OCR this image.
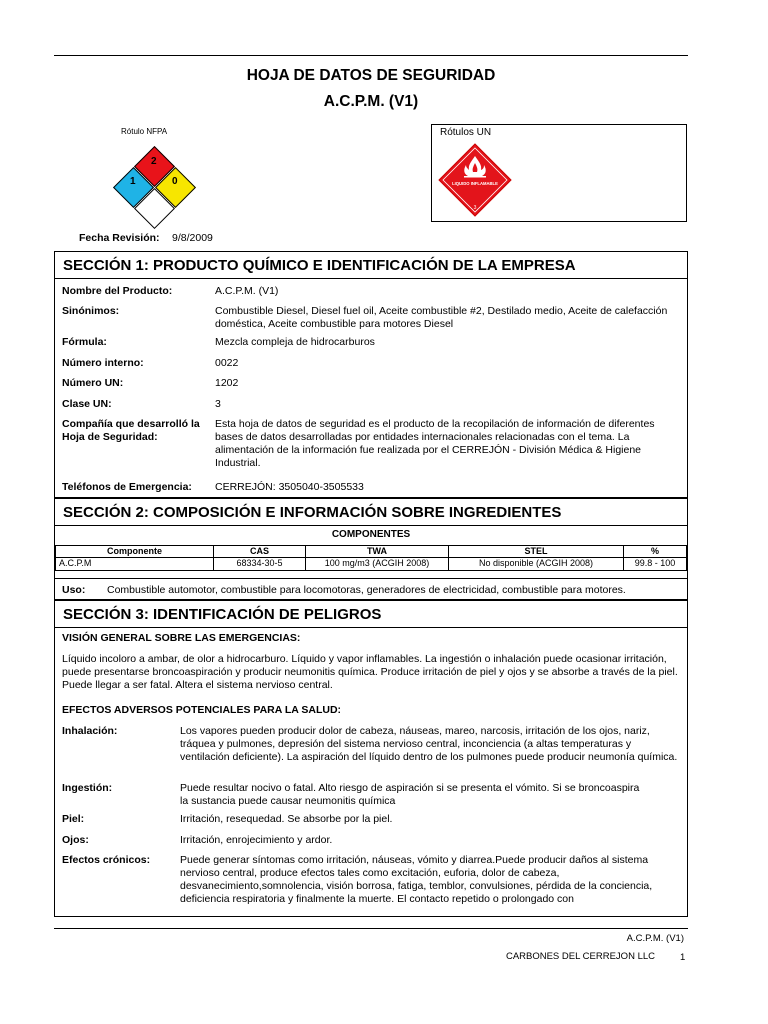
HOJA DE DATOS DE SEGURIDAD
A.C.P.M. (V1)
Rótulo NFPA
2
1	0
Rótulos UN
LIQUIDO INFLAMABLE
3
Fecha Revisión: 9/8/2009
SECCIÓN 1: PRODUCTO QUÍMICO E IDENTIFICACIÓN DE LA EMPRESA
Nombre del Producto:	A.C.P.M. (V1)
Sinónimos:	Combustible Diesel, Diesel fuel oil, Aceite combustible #2, Destilado medio, Aceite de calefacción doméstica, Aceite combustible para motores Diesel
Fórmula:	Mezcla compleja de hidrocarburos
Número interno:	0022
Número UN:	1202
Clase UN:	3
Compañía que desarrolló la Hoja de Seguridad:
Esta hoja de datos de seguridad es el producto de la recopilación de información de diferentes bases de datos desarrolladas por entidades internacionales relacionadas con el tema. La alimentación de la información fue realizada por el CERREJÓN - División Médica & Higiene Industrial.
Teléfonos de Emergencia: CERREJÓN: 3505040-3505533
SECCIÓN 2: COMPOSICIÓN E INFORMACIÓN SOBRE INGREDIENTES
COMPONENTES
Componente	CAS	TWA	STEL	%
A.C.P.M	68334-30-5	100 mg/m3 (ACGIH 2008)	No disponible (ACGIH 2008)	99.8 - 100
Uso: Combustible automotor, combustible para locomotoras, generadores de electricidad, combustible para motores.
SECCIÓN 3: IDENTIFICACIÓN DE PELIGROS
VISIÓN GENERAL SOBRE LAS EMERGENCIAS:
Líquido incoloro a ambar, de olor a hidrocarburo. Líquido y vapor inflamables. La ingestión o inhalación puede ocasionar irritación, puede presentarse broncoaspiración y producir neumonitis química. Produce irritación de piel y ojos y se absorbe a través de la piel. Puede llegar a ser fatal. Altera el sistema nervioso central.
EFECTOS ADVERSOS POTENCIALES PARA LA SALUD:
Inhalación:	Los vapores pueden producir dolor de cabeza, náuseas, mareo, narcosis, irritación de los ojos, nariz, tráquea y pulmones, depresión del sistema nervioso central, inconciencia (a altas temperaturas y ventilación deficiente). La aspiración del líquido dentro de los pulmones puede producir neumonía química.
Ingestión:	Puede resultar nocivo o fatal. Alto riesgo de aspiración si se presenta el vómito. Si se broncoaspira la sustancia puede causar neumonitis química
Piel:	Irritación, resequedad. Se absorbe por la piel.
Ojos:	Irritación, enrojecimiento y ardor.
Efectos crónicos:	Puede generar síntomas como irritación, náuseas, vómito y diarrea.Puede producir daños al sistema nervioso central, produce efectos tales como excitación, euforia, dolor de cabeza, desvanecimiento,somnolencia, visión borrosa, fatiga, temblor, convulsiones, pérdida de la conciencia, deficiencia respiratoria y finalmente la muerte. El contacto repetido o prolongado con
A.C.P.M. (V1)
CARBONES DEL CERREJON LLC	1
